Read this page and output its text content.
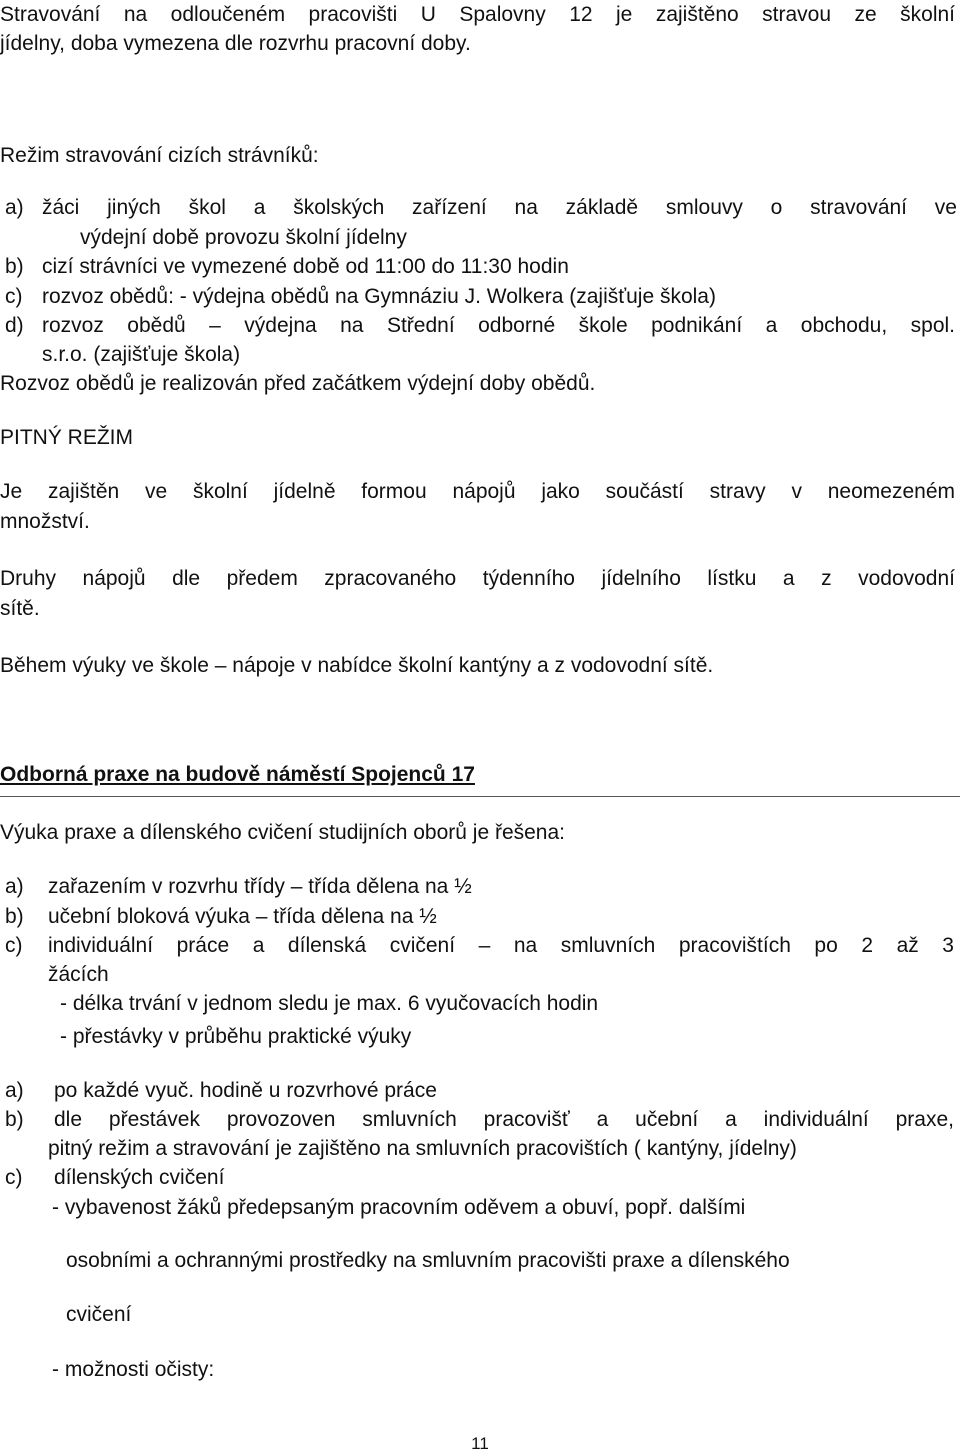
Stravování na odloučeném pracovišti U Spalovny 12 je zajištěno stravou ze školní
jídelny, doba vymezena dle rozvrhu pracovní doby.
Režim stravování cizích strávníků:
a) žáci jiných škol a školských zařízení na základě smlouvy o stravování ve
výdejní době provozu školní jídelny
b) cizí strávníci ve vymezené době od 11:00 do 11:30 hodin
c) rozvoz obědů: - výdejna obědů na Gymnáziu J. Wolkera (zajišťuje škola)
d) rozvoz obědů – výdejna na Střední odborné škole podnikání a obchodu, spol.
s.r.o. (zajišťuje škola)
Rozvoz obědů je realizován před začátkem výdejní doby obědů.
PITNÝ REŽIM
Je zajištěn ve školní jídelně formou nápojů jako součástí stravy v neomezeném
množství.
Druhy nápojů dle předem zpracovaného týdenního jídelního lístku a z vodovodní
sítě.
Během výuky ve škole – nápoje v nabídce školní kantýny a z vodovodní sítě.
Odborná praxe na budově náměstí Spojenců 17
Výuka praxe a dílenského cvičení studijních oborů je řešena:
a) zařazením v rozvrhu třídy – třída dělena na ½
b) učební bloková výuka – třída dělena na ½
c) individuální práce a dílenská cvičení – na smluvních pracovištích po 2 až 3
žácích
- délka trvání v jednom sledu je max. 6 vyučovacích hodin
- přestávky v průběhu praktické výuky
a) po každé vyuč. hodině u rozvrhové práce
b) dle přestávek provozoven smluvních pracovišť a učební a individuální praxe,
pitný režim a stravování je zajištěno na smluvních pracovištích ( kantýny, jídelny)
c) dílenských cvičení
- vybavenost žáků předepsaným pracovním oděvem a obuví, popř. dalšími
osobními a ochrannými prostředky na smluvním pracovišti praxe a dílenského
cvičení
- možnosti očisty:
11
